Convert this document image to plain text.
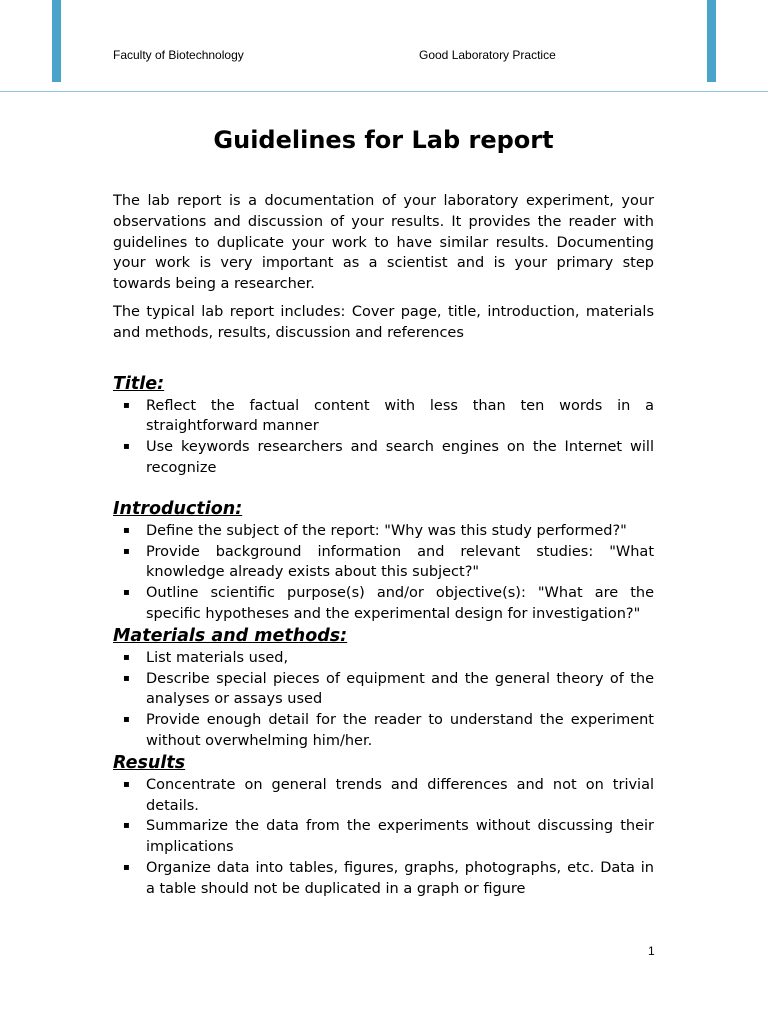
Faculty of Biotechnology	Good Laboratory Practice
Guidelines for Lab report

The lab report is a documentation of your laboratory experiment, your observations and discussion of your results. It provides the reader with guidelines to duplicate your work to have similar results. Documenting your work is very important as a scientist and is your primary step towards being a researcher.

The typical lab report includes: Cover page, title, introduction, materials and methods, results, discussion and references

Title:
▪ Reflect the factual content with less than ten words in a straightforward manner
▪ Use keywords researchers and search engines on the Internet will recognize
Introduction:
▪ Define the subject of the report: "Why was this study performed?"
▪ Provide background information and relevant studies: "What knowledge already exists about this subject?"
▪ Outline scientific purpose(s) and/or objective(s): "What are the specific hypotheses and the experimental design for investigation?"
Materials and methods:
▪ List materials used,
▪ Describe special pieces of equipment and the general theory of the analyses or assays used
▪ Provide enough detail for the reader to understand the experiment without overwhelming him/her.
Results
▪ Concentrate on general trends and differences and not on trivial details.
▪ Summarize the data from the experiments without discussing their implications
▪ Organize data into tables, figures, graphs, photographs, etc. Data in a table should not be duplicated in a graph or figure
1
